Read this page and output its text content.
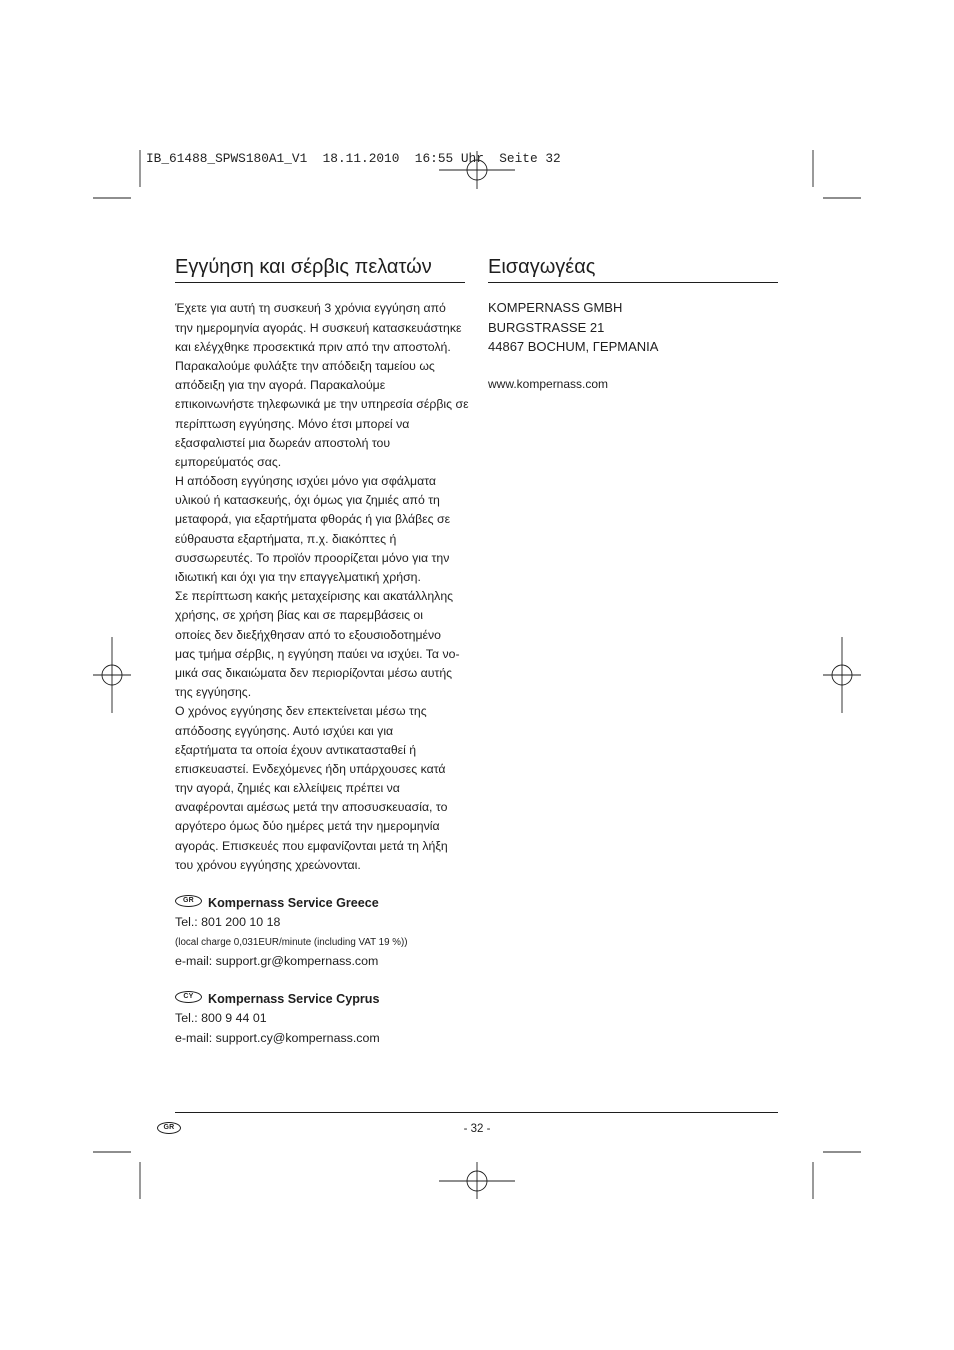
IB_61488_SPWS180A1_V1  18.11.2010  16:55 Uhr  Seite 32
Εγγύηση και σέρβις πελατών
Έχετε για αυτή τη συσκευή 3 χρόνια εγγύηση από
την ημερομηνία αγοράς. Η συσκευή κατασκευάστηκε
και ελέγχθηκε προσεκτικά πριν από την αποστολή.
Παρακαλούμε φυλάξτε την απόδειξη ταμείου ως
απόδειξη για την αγορά. Παρακαλούμε
επικοινωνήστε τηλεφωνικά με την υπηρεσία σέρβις σε
περίπτωση εγγύησης. Μόνο έτσι μπορεί να
εξασφαλιστεί μια δωρεάν αποστολή του
εμπορεύματός σας.
Η απόδοση εγγύησης ισχύει μόνο για σφάλματα
υλικού ή κατασκευής, όχι όμως για ζημιές από τη
μεταφορά, για εξαρτήματα φθοράς ή για βλάβες σε
εύθραυστα εξαρτήματα, π.χ. διακόπτες ή
συσσωρευτές. Το προϊόν προορίζεται μόνο για την
ιδιωτική και όχι για την επαγγελματική χρήση.
Σε περίπτωση κακής μεταχείρισης και ακατάλληλης
χρήσης, σε χρήση βίας και σε παρεμβάσεις οι
οποίες δεν διεξήχθησαν από το εξουσιοδοτημένο
μας τμήμα σέρβις, η εγγύηση παύει να ισχύει. Τα νο-
μικά σας δικαιώματα δεν περιορίζονται μέσω αυτής
της εγγύησης.
Ο χρόνος εγγύησης δεν επεκτείνεται μέσω της
απόδοσης εγγύησης. Αυτό ισχύει και για
εξαρτήματα τα οποία έχουν αντικατασταθεί ή
επισκευαστεί. Ενδεχόμενες ήδη υπάρχουσες κατά
την αγορά, ζημιές και ελλείψεις πρέπει να
αναφέρονται αμέσως μετά την αποσυσκευασία, το
αργότερο όμως δύο ημέρες μετά την ημερομηνία
αγοράς. Επισκευές που εμφανίζονται μετά τη λήξη
του χρόνου εγγύησης χρεώνονται.
GR Kompernass Service Greece
Tel.: 801 200 10 18
(local charge 0,031EUR/minute (including VAT 19 %))
e-mail: support.gr@kompernass.com
CY Kompernass Service Cyprus
Tel.: 800 9 44 01
e-mail: support.cy@kompernass.com
Εισαγωγέας
KOMPERNASS GMBH
BURGSTRASSE 21
44867 BOCHUM, ΓΕΡΜΑΝΙΑ
www.kompernass.com
GR	- 32 -
